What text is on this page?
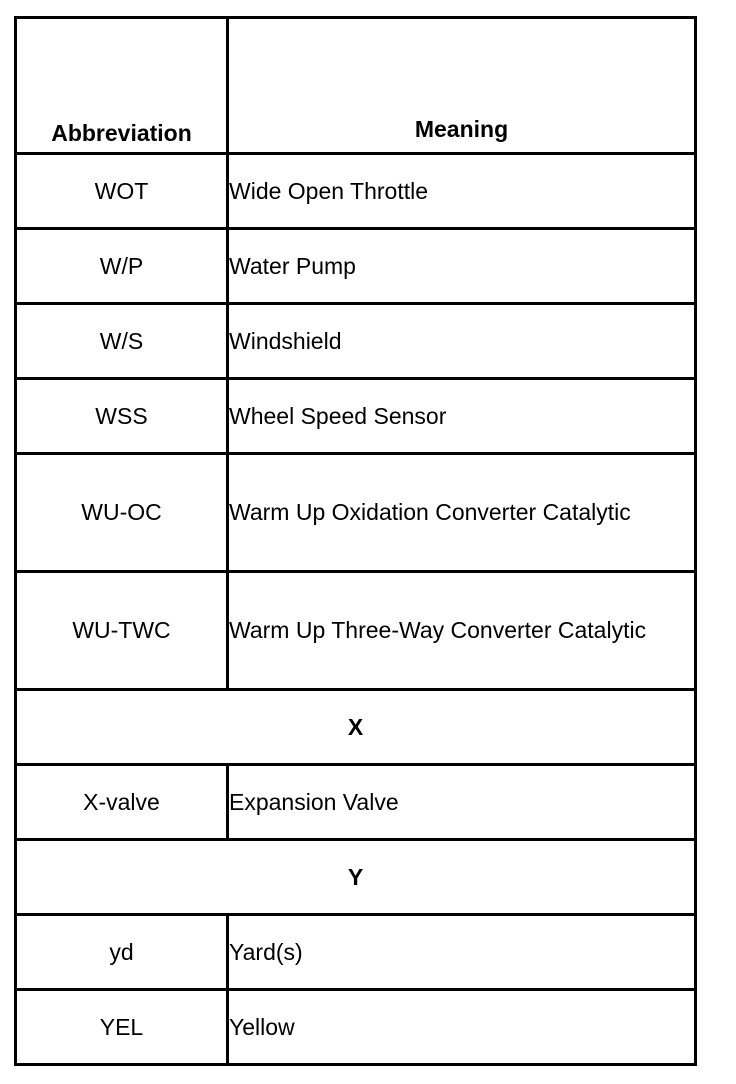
Abbreviation	Meaning
WOT	Wide Open Throttle
W/P	Water Pump
W/S	Windshield
WSS	Wheel Speed Sensor
WU-OC	Warm Up Oxidation Converter Catalytic
WU-TWC	Warm Up Three-Way Converter Catalytic
X	
X-valve	Expansion Valve
Y	
yd	Yard(s)
YEL	Yellow
